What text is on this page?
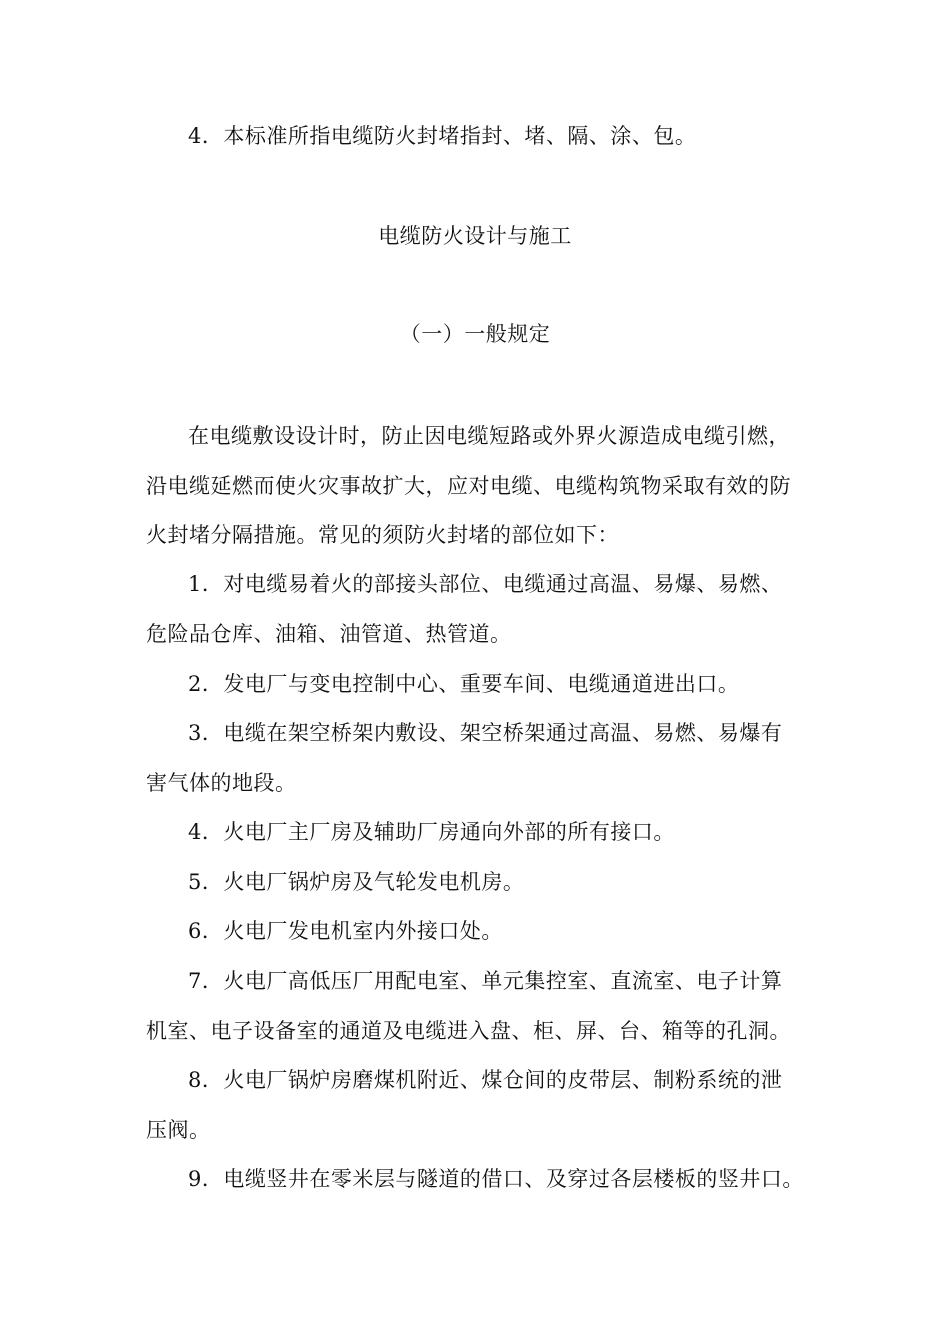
4．本标准所指电缆防火封堵指封、堵、隔、涂、包。
电缆防火设计与施工
（一）一般规定
在电缆敷设设计时，防止因电缆短路或外界火源造成电缆引燃，
沿电缆延燃而使火灾事故扩大，应对电缆、电缆构筑物采取有效的防
火封堵分隔措施。常见的须防火封堵的部位如下：
1．对电缆易着火的部接头部位、电缆通过高温、易爆、易燃、
危险品仓库、油箱、油管道、热管道。
2．发电厂与变电控制中心、重要车间、电缆通道进出口。
3．电缆在架空桥架内敷设、架空桥架通过高温、易燃、易爆有
害气体的地段。
4．火电厂主厂房及辅助厂房通向外部的所有接口。
5．火电厂锅炉房及气轮发电机房。
6．火电厂发电机室内外接口处。
7．火电厂高低压厂用配电室、单元集控室、直流室、电子计算
机室、电子设备室的通道及电缆进入盘、柜、屏、台、箱等的孔洞。
8．火电厂锅炉房磨煤机附近、煤仓间的皮带层、制粉系统的泄
压阀。
9．电缆竖井在零米层与隧道的借口、及穿过各层楼板的竖井口。
